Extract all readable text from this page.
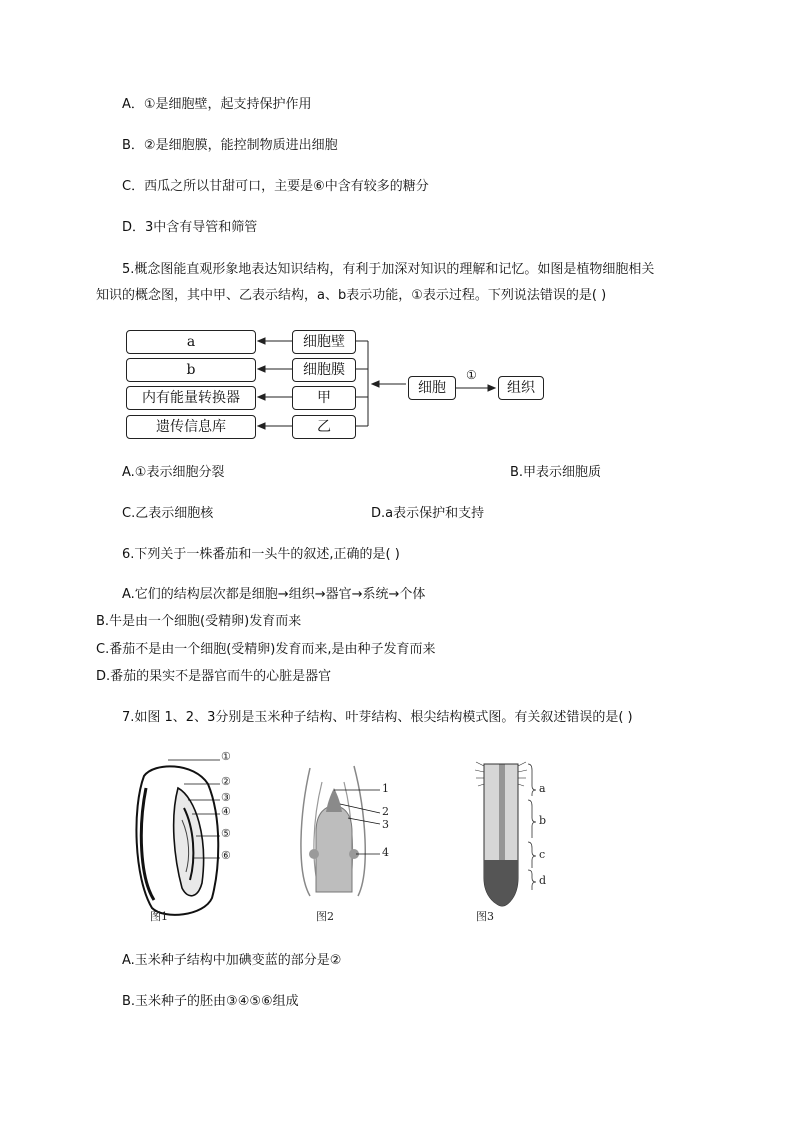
A．①是细胞壁，起支持保护作用
B．②是细胞膜，能控制物质进出细胞
C．西瓜之所以甘甜可口，主要是⑥中含有较多的糖分
D．3中含有导管和筛管
5.概念图能直观形象地表达知识结构，有利于加深对知识的理解和记忆。如图是植物细胞相关
知识的概念图，其中甲、乙表示结构，a、b表示功能，①表示过程。下列说法错误的是( )
a
b
内有能量转换器
遗传信息库
细胞壁
细胞膜
甲
乙
细胞
①
组织
A.①表示细胞分裂	B.甲表示细胞质
C.乙表示细胞核	D.a表示保护和支持
6.下列关于一株番茄和一头牛的叙述,正确的是( )
A.它们的结构层次都是细胞→组织→器官→系统→个体
B.牛是由一个细胞(受精卵)发育而来
C.番茄不是由一个细胞(受精卵)发育而来,是由种子发育而来
D.番茄的果实不是器官而牛的心脏是器官
7.如图 1、2、3分别是玉米种子结构、叶芽结构、根尖结构模式图。有关叙述错误的是( )
①
②
③
④
⑤
⑥
图1
1
2
3
4
图2
a
b
c
d
图3
A.玉米种子结构中加碘变蓝的部分是②
B.玉米种子的胚由③④⑤⑥组成
